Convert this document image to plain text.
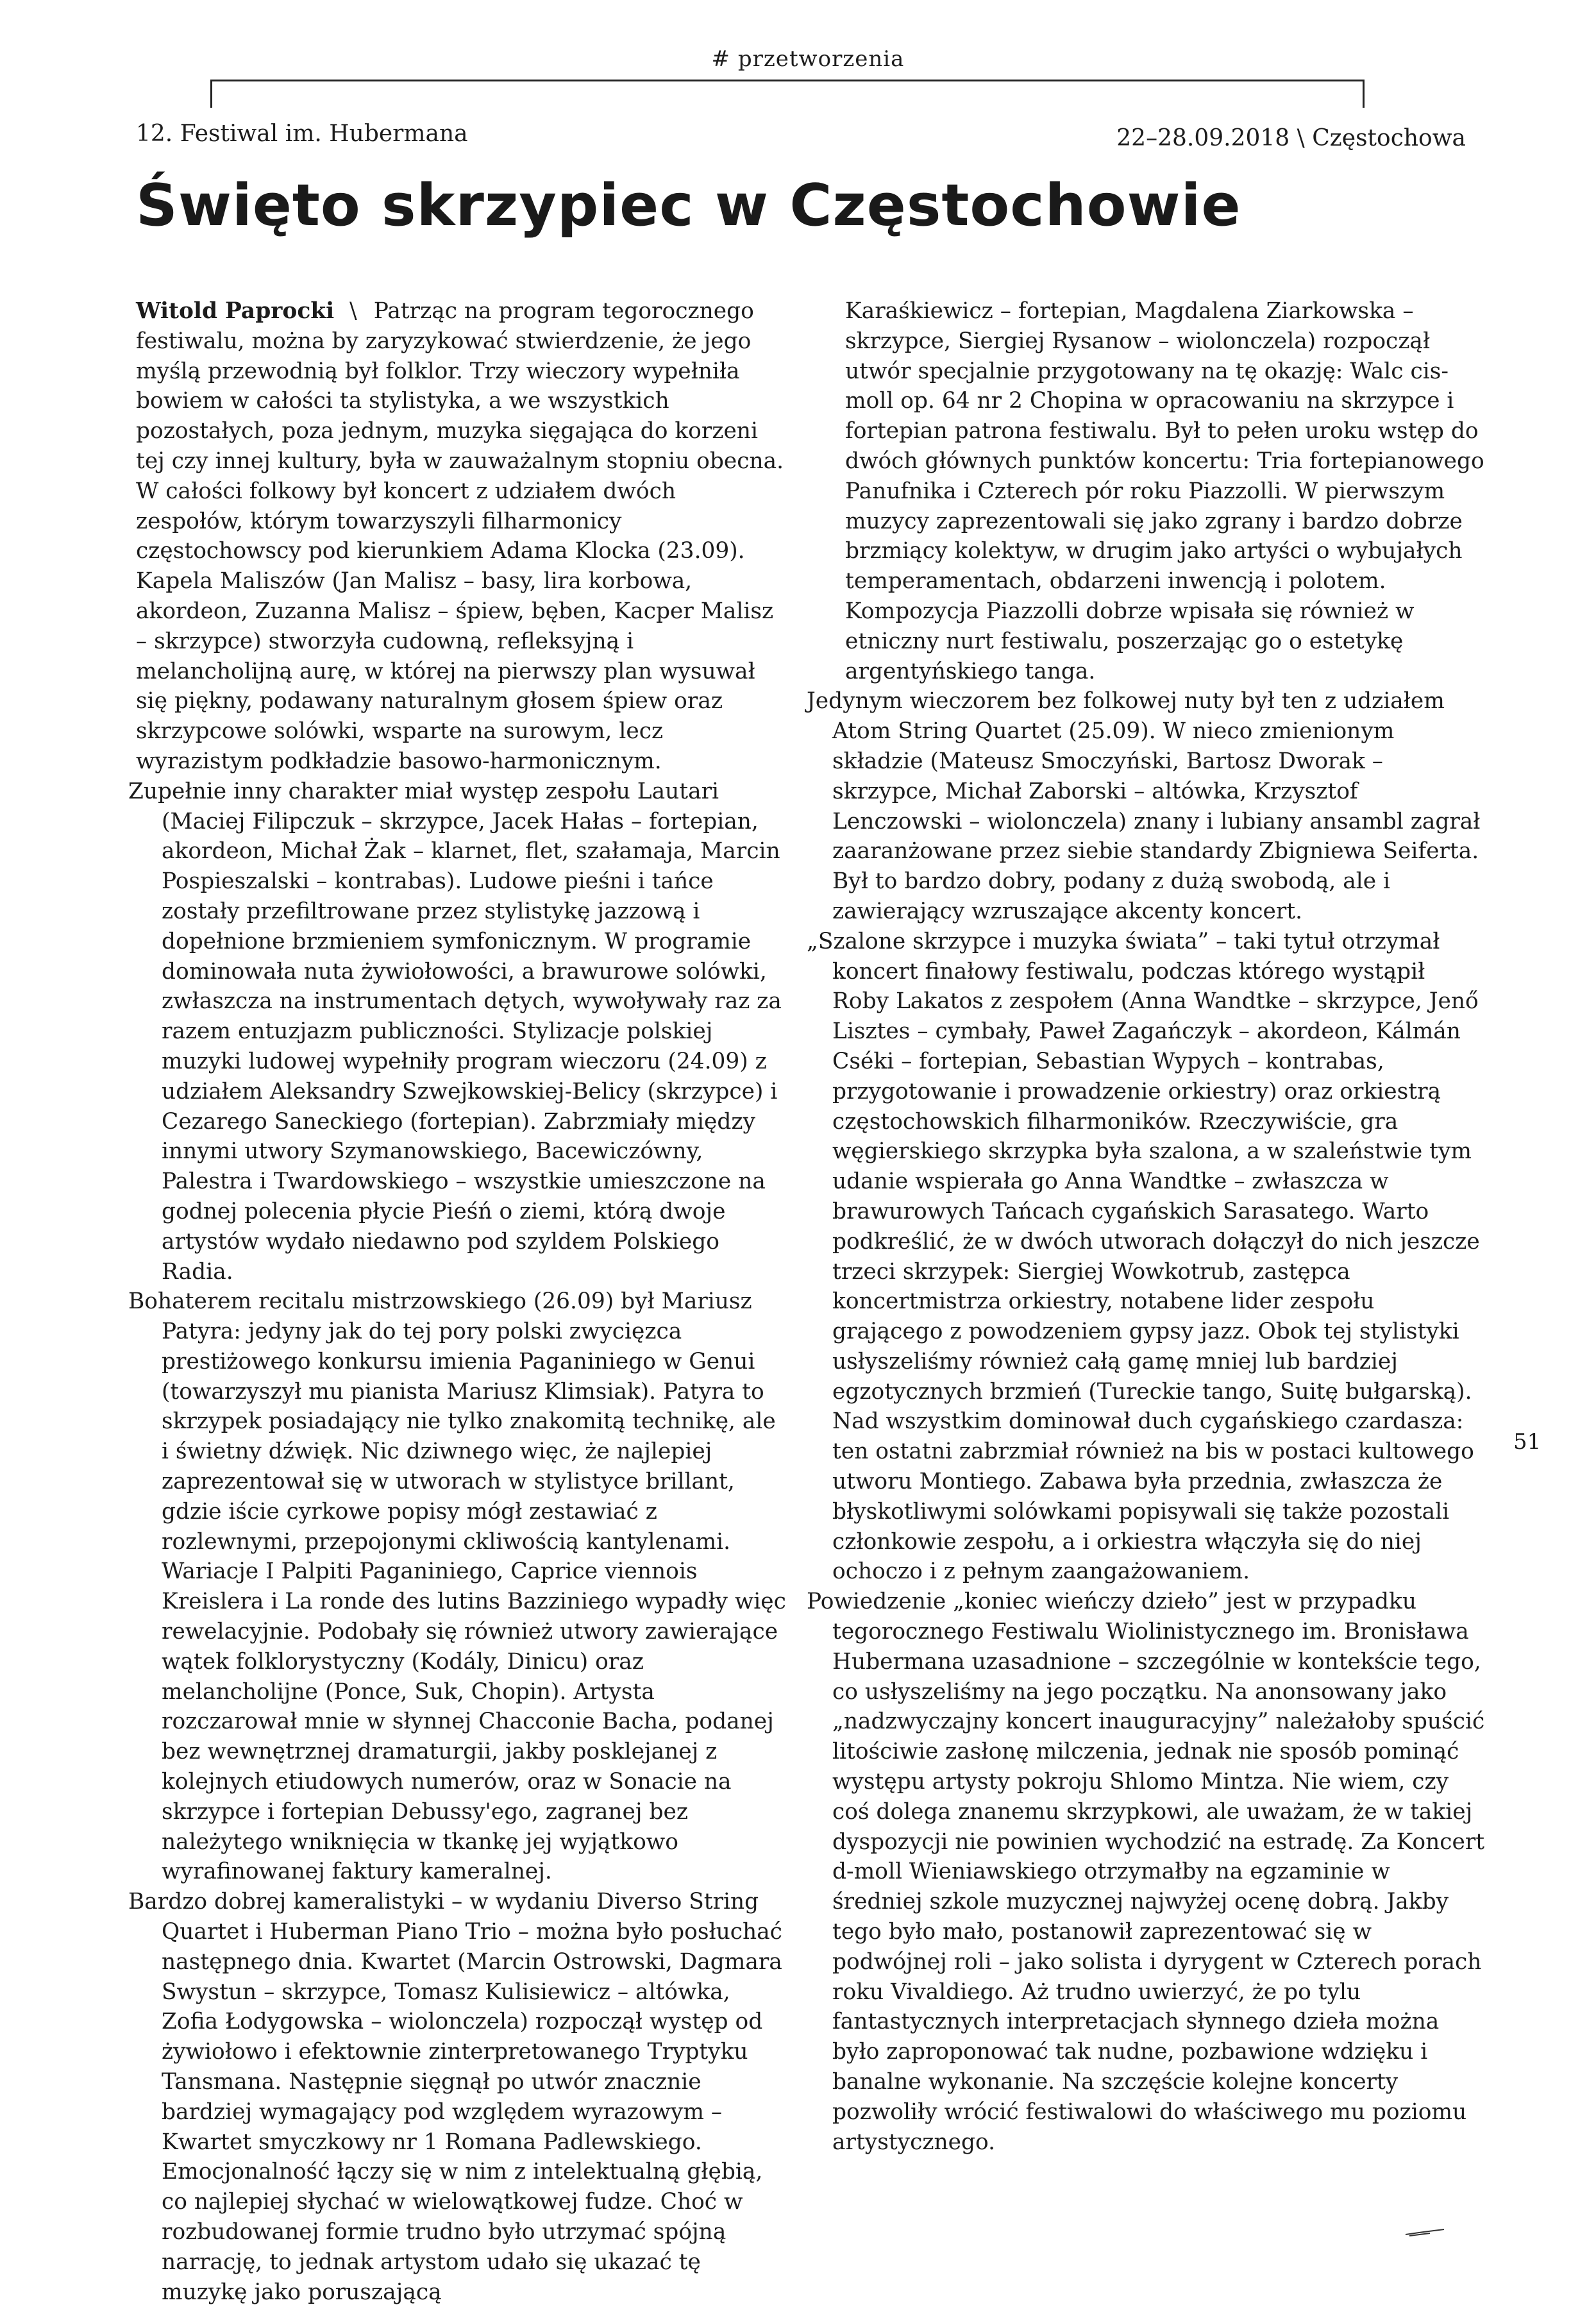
# przetworzenia
12. Festiwal im. Hubermana	22–28.09.2018 \ Częstochowa
Święto skrzypiec w Częstochowie

Witold Paprocki \ Patrząc na program tegorocznego festiwalu, można by zaryzykować stwierdzenie, że jego myślą przewodnią był folklor. Trzy wieczory wypełniła bowiem w całości ta stylistyka, a we wszystkich pozostałych, poza jednym, muzyka sięgająca do korzeni tej czy innej kultury, była w zauważalnym stopniu obecna. W całości folkowy był koncert z udziałem dwóch zespołów, którym towarzyszyli filharmonicy częstochowscy pod kierunkiem Adama Klocka (23.09). Kapela Maliszów (Jan Malisz – basy, lira korbowa, akordeon, Zuzanna Malisz – śpiew, bęben, Kacper Malisz – skrzypce) stworzyła cudowną, refleksyjną i melancholijną aurę, w której na pierwszy plan wysuwał się piękny, podawany naturalnym głosem śpiew oraz skrzypcowe solówki, wsparte na surowym, lecz wyrazistym podkładzie basowo-harmonicznym.

Zupełnie inny charakter miał występ zespołu Lautari (Maciej Filipczuk – skrzypce, Jacek Hałas – fortepian, akordeon, Michał Żak – klarnet, flet, szałamaja, Marcin Pospieszalski – kontrabas). Ludowe pieśni i tańce zostały przefiltrowane przez stylistykę jazzową i dopełnione brzmieniem symfonicznym. W programie dominowała nuta żywiołowości, a brawurowe solówki, zwłaszcza na instrumentach dętych, wywoływały raz za razem entuzjazm publiczności. Stylizacje polskiej muzyki ludowej wypełniły program wieczoru (24.09) z udziałem Aleksandry Szwejkowskiej-Belicy (skrzypce) i Cezarego Saneckiego (fortepian). Zabrzmiały między innymi utwory Szymanowskiego, Bacewiczówny, Palestra i Twardowskiego – wszystkie umieszczone na godnej polecenia płycie Pieśń o ziemi, którą dwoje artystów wydało niedawno pod szyldem Polskiego Radia.

Bohaterem recitalu mistrzowskiego (26.09) był Mariusz Patyra: jedyny jak do tej pory polski zwycięzca prestiżowego konkursu imienia Paganiniego w Genui (towarzyszył mu pianista Mariusz Klimsiak). Patyra to skrzypek posiadający nie tylko znakomitą technikę, ale i świetny dźwięk. Nic dziwnego więc, że najlepiej zaprezentował się w utworach w stylistyce brillant, gdzie iście cyrkowe popisy mógł zestawiać z rozlewnymi, przepojonymi ckliwością kantylenami. Wariacje I Palpiti Paganiniego, Caprice viennois Kreislera i La ronde des lutins Bazziniego wypadły więc rewelacyjnie. Podobały się również utwory zawierające wątek folklorystyczny (Kodály, Dinicu) oraz melancholijne (Ponce, Suk, Chopin). Artysta rozczarował mnie w słynnej Chacconie Bacha, podanej bez wewnętrznej dramaturgii, jakby posklejanej z kolejnych etiudowych numerów, oraz w Sonacie na skrzypce i fortepian Debussy'ego, zagranej bez należytego wniknięcia w tkankę jej wyjątkowo wyrafinowanej faktury kameralnej.

Bardzo dobrej kameralistyki – w wydaniu Diverso String Quartet i Huberman Piano Trio – można było posłuchać następnego dnia. Kwartet (Marcin Ostrowski, Dagmara Swystun – skrzypce, Tomasz Kulisiewicz – altówka, Zofia Łodygowska – wiolonczela) rozpoczął występ od żywiołowo i efektownie zinterpretowanego Tryptyku Tansmana. Następnie sięgnął po utwór znacznie bardziej wymagający pod względem wyrazowym – Kwartet smyczkowy nr 1 Romana Padlewskiego. Emocjonalność łączy się w nim z intelektualną głębią, co najlepiej słychać w wielowątkowej fudze. Choć w rozbudowanej formie trudno było utrzymać spójną narrację, to jednak artystom udało się ukazać tę muzykę jako poruszającą

Karaśkiewicz – fortepian, Magdalena Ziarkowska – skrzypce, Siergiej Rysanow – wiolonczela) rozpoczął utwór specjalnie przygotowany na tę okazję: Walc cis-moll op. 64 nr 2 Chopina w opracowaniu na skrzypce i fortepian patrona festiwalu. Był to pełen uroku wstęp do dwóch głównych punktów koncertu: Tria fortepianowego Panufnika i Czterech pór roku Piazzolli. W pierwszym muzycy zaprezentowali się jako zgrany i bardzo dobrze brzmiący kolektyw, w drugim jako artyści o wybujałych temperamentach, obdarzeni inwencją i polotem. Kompozycja Piazzolli dobrze wpisała się również w etniczny nurt festiwalu, poszerzając go o estetykę argentyńskiego tanga.

Jedynym wieczorem bez folkowej nuty był ten z udziałem Atom String Quartet (25.09). W nieco zmienionym składzie (Mateusz Smoczyński, Bartosz Dworak – skrzypce, Michał Zaborski – altówka, Krzysztof Lenczowski – wiolonczela) znany i lubiany ansambl zagrał zaaranżowane przez siebie standardy Zbigniewa Seiferta. Był to bardzo dobry, podany z dużą swobodą, ale i zawierający wzruszające akcenty koncert.

„Szalone skrzypce i muzyka świata” – taki tytuł otrzymał koncert finałowy festiwalu, podczas którego wystąpił Roby Lakatos z zespołem (Anna Wandtke – skrzypce, Jenő Lisztes – cymbały, Paweł Zagańczyk – akordeon, Kálmán Cséki – fortepian, Sebastian Wypych – kontrabas, przygotowanie i prowadzenie orkiestry) oraz orkiestrą częstochowskich filharmoników. Rzeczywiście, gra węgierskiego skrzypka była szalona, a w szaleństwie tym udanie wspierała go Anna Wandtke – zwłaszcza w brawurowych Tańcach cygańskich Sarasatego. Warto podkreślić, że w dwóch utworach dołączył do nich jeszcze trzeci skrzypek: Siergiej Wowkotrub, zastępca koncertmistrza orkiestry, notabene lider zespołu grającego z powodzeniem gypsy jazz. Obok tej stylistyki usłyszeliśmy również całą gamę mniej lub bardziej egzotycznych brzmień (Tureckie tango, Suitę bułgarską). Nad wszystkim dominował duch cygańskiego czardasza: ten ostatni zabrzmiał również na bis w postaci kultowego utworu Montiego. Zabawa była przednia, zwłaszcza że błyskotliwymi solówkami popisywali się także pozostali członkowie zespołu, a i orkiestra włączyła się do niej ochoczo i z pełnym zaangażowaniem.

Powiedzenie „koniec wieńczy dzieło” jest w przypadku tegorocznego Festiwalu Wiolinistycznego im. Bronisława Hubermana uzasadnione – szczególnie w kontekście tego, co usłyszeliśmy na jego początku. Na anonsowany jako „nadzwyczajny koncert inauguracyjny” należałoby spuścić litościwie zasłonę milczenia, jednak nie sposób pominąć występu artysty pokroju Shlomo Mintza. Nie wiem, czy coś dolega znanemu skrzypkowi, ale uważam, że w takiej dyspozycji nie powinien wychodzić na estradę. Za Koncert d-moll Wieniawskiego otrzymałby na egzaminie w średniej szkole muzycznej najwyżej ocenę dobrą. Jakby tego było mało, postanowił zaprezentować się w podwójnej roli – jako solista i dyrygent w Czterech porach roku Vivaldiego. Aż trudno uwierzyć, że po tylu fantastycznych interpretacjach słynnego dzieła można było zaproponować tak nudne, pozbawione wdzięku i banalne wykonanie. Na szczęście kolejne koncerty pozwoliły wrócić festiwalowi do właściwego mu poziomu artystycznego.

51
